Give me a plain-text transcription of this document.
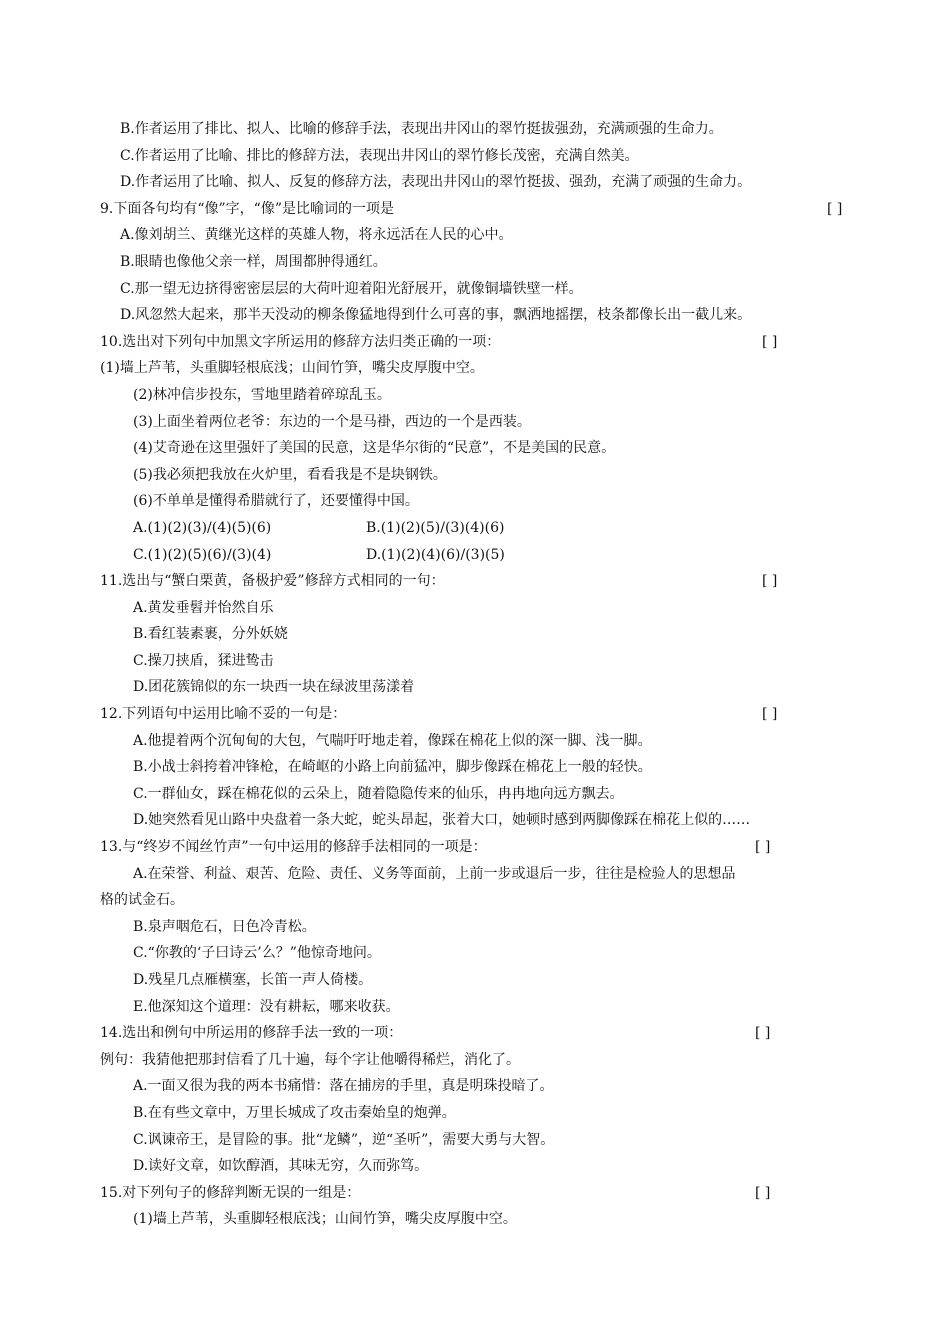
B.作者运用了排比、拟人、比喻的修辞手法，表现出井冈山的翠竹挺拔强劲，充满顽强的生命力。
C.作者运用了比喻、排比的修辞方法，表现出井冈山的翠竹修长茂密，充满自然美。
D.作者运用了比喻、拟人、反复的修辞方法，表现出井冈山的翠竹挺拔、强劲，充满了顽强的生命力。
9.下面各句均有“像”字，“像”是比喻词的一项是	[ ]
A.像刘胡兰、黄继光这样的英雄人物，将永远活在人民的心中。
B.眼睛也像他父亲一样，周围都肿得通红。
C.那一望无边挤得密密层层的大荷叶迎着阳光舒展开，就像铜墙铁壁一样。
D.风忽然大起来，那半天没动的柳条像猛地得到什么可喜的事，飘洒地摇摆，枝条都像长出一截儿来。
10.选出对下列句中加黑文字所运用的修辞方法归类正确的一项：	[ ]
(1)墙上芦苇，头重脚轻根底浅；山间竹笋，嘴尖皮厚腹中空。
(2)林冲信步投东，雪地里踏着碎琼乱玉。
(3)上面坐着两位老爷：东边的一个是马褂，西边的一个是西装。
(4)艾奇逊在这里强奸了美国的民意，这是华尔街的“民意”，不是美国的民意。
(5)我必须把我放在火炉里，看看我是不是块钢铁。
(6)不单单是懂得希腊就行了，还要懂得中国。
A.(1)(2)(3)/(4)(5)(6)	B.(1)(2)(5)/(3)(4)(6)
C.(1)(2)(5)(6)/(3)(4)	D.(1)(2)(4)(6)/(3)(5)
11.选出与“蟹白栗黄，备极护爱”修辞方式相同的一句：	[ ]
A.黄发垂髫并怡然自乐
B.看红装素裹，分外妖娆
C.操刀挟盾，猱进鸷击
D.团花簇锦似的东一块西一块在绿波里荡漾着
12.下列语句中运用比喻不妥的一句是：	[ ]
A.他提着两个沉甸甸的大包，气喘吁吁地走着，像踩在棉花上似的深一脚、浅一脚。
B.小战士斜挎着冲锋枪，在崎岖的小路上向前猛冲，脚步像踩在棉花上一般的轻快。
C.一群仙女，踩在棉花似的云朵上，随着隐隐传来的仙乐，冉冉地向远方飘去。
D.她突然看见山路中央盘着一条大蛇，蛇头昂起，张着大口，她顿时感到两脚像踩在棉花上似的……
13.与“终岁不闻丝竹声”一句中运用的修辞手法相同的一项是：	[ ]
A.在荣誉、利益、艰苦、危险、责任、义务等面前，上前一步或退后一步，往往是检验人的思想品
格的试金石。
B.泉声咽危石，日色冷青松。
C.“你教的‘子曰诗云’么？”他惊奇地问。
D.残星几点雁横塞，长笛一声人倚楼。
E.他深知这个道理：没有耕耘，哪来收获。
14.选出和例句中所运用的修辞手法一致的一项：	[ ]
例句：我猜他把那封信看了几十遍，每个字让他嚼得稀烂，消化了。
A.一面又很为我的两本书痛惜：落在捕房的手里，真是明珠投暗了。
B.在有些文章中，万里长城成了攻击秦始皇的炮弹。
C.讽谏帝王，是冒险的事。批“龙鳞”，逆“圣听”，需要大勇与大智。
D.读好文章，如饮醇酒，其味无穷，久而弥笃。
15.对下列句子的修辞判断无误的一组是：	[ ]
(1)墙上芦苇，头重脚轻根底浅；山间竹笋，嘴尖皮厚腹中空。
